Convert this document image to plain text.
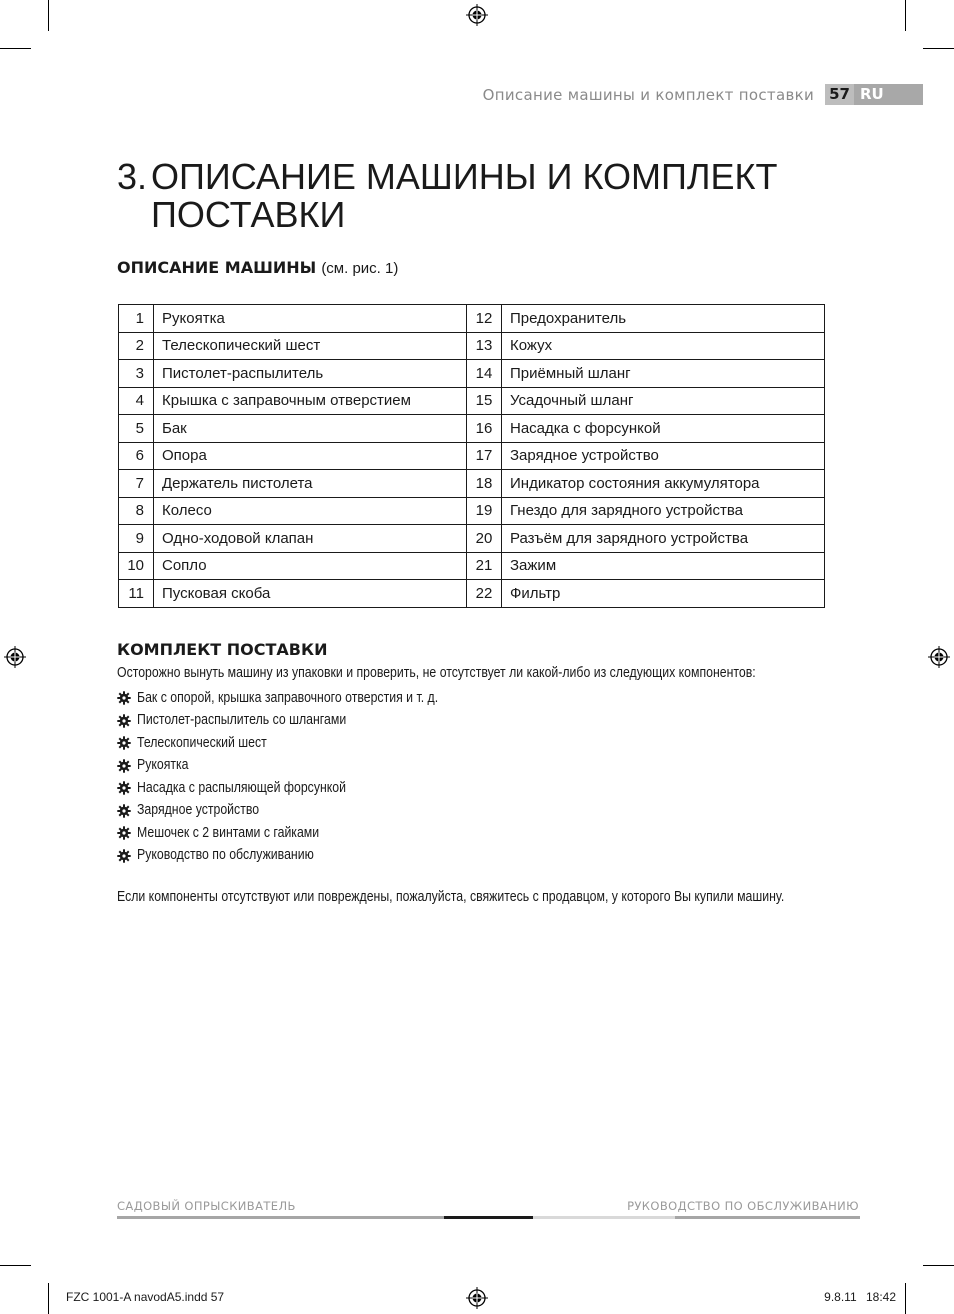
Описание машины и комплект поставки 57 RU
3. ОПИСАНИЕ МАШИНЫ И КОМПЛЕКТ
ПОСТАВКИ
ОПИСАНИЕ МАШИНЫ (см. рис. 1)
1	Рукоятка	12	Предохранитель
2	Телескопический шест	13	Кожух
3	Пистолет-распылитель	14	Приёмный шланг
4	Крышка с заправочным отверстием	15	Усадочный шланг
5	Бак	16	Насадка с форсункой
6	Опора	17	Зарядное устройство
7	Держатель пистолета	18	Индикатор состояния аккумулятора
8	Колесо	19	Гнездо для зарядного устройства
9	Одно-ходовой клапан	20	Разъём для зарядного устройства
10	Сопло	21	Зажим
11	Пусковая скоба	22	Фильтр
КОМПЛЕКТ ПОСТАВКИ
Осторожно вынуть машину из упаковки и проверить, не отсутствует ли какой-либо из следующих компонентов:
Бак с опорой, крышка заправочного отверстия и т. д.
Пистолет-распылитель со шлангами
Телескопический шест
Рукоятка
Насадка с распыляющей форсункой
Зарядное устройство
Мешочек с 2 винтами с гайками
Руководство по обслуживанию
Если компоненты отсутствуют или повреждены, пожалуйста, свяжитесь с продавцом, у которого Вы купили машину.
САДОВЫЙ ОПРЫСКИВАТЕЛЬ	РУКОВОДСТВО ПО ОБСЛУЖИВАНИЮ
FZC 1001-A navodA5.indd 57	9.8.11 18:42
